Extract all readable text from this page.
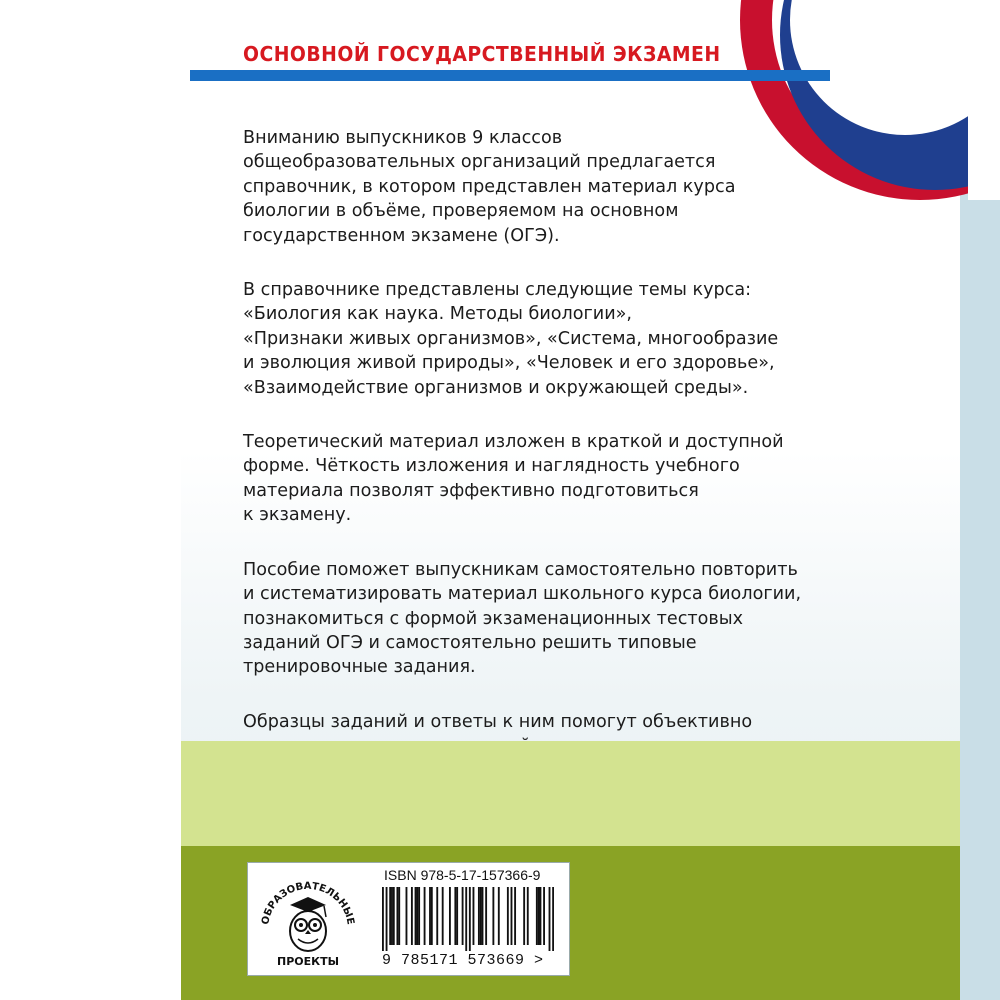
ОСНОВНОЙ ГОСУДАРСТВЕННЫЙ ЭКЗАМЕН

Вниманию выпускников 9 классов
общеобразовательных организаций предлагается
справочник, в котором представлен материал курса
биологии в объёме, проверяемом на основном
государственном экзамене (ОГЭ).

В справочнике представлены следующие темы курса:
«Биология как наука. Методы биологии»,
«Признаки живых организмов», «Система, многообразие
и эволюция живой природы», «Человек и его здоровье»,
«Взаимодействие организмов и окружающей среды».

Теоретический материал изложен в краткой и доступной
форме. Чёткость изложения и наглядность учебного
материала позволят эффективно подготовиться
к экзамену.

Пособие поможет выпускникам самостоятельно повторить
и систематизировать материал школьного курса биологии,
познакомиться с формой экзаменационных тестовых
заданий ОГЭ и самостоятельно решить типовые
тренировочные задания.

Образцы заданий и ответы к ним помогут объективно

ОБРАЗОВАТЕЛЬНЫЕ
ПРОЕКТЫ
ISBN 978-5-17-157366-9
9 785171 573669 >
